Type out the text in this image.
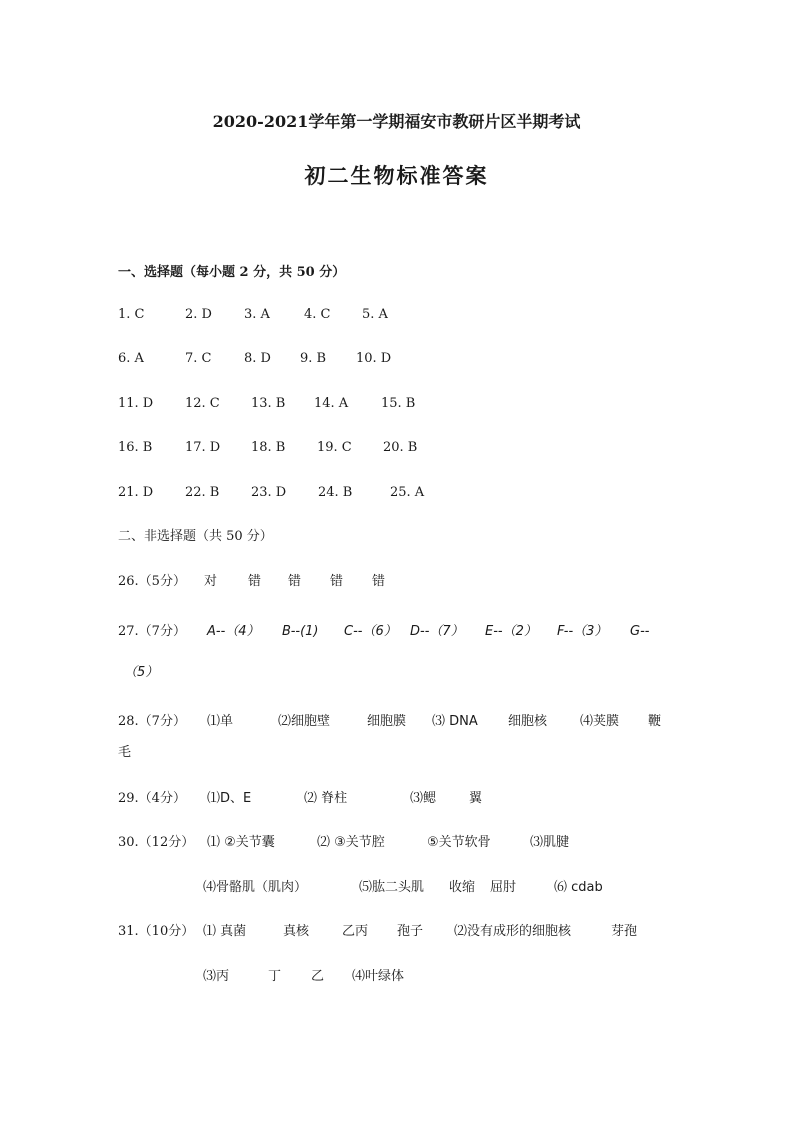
2020-2021学年第一学期福安市教研片区半期考试
初二生物标准答案
一、选择题（每小题 2 分，共 50 分）
1. C	2. D 3. A	4. C 5. A
6. A	7. C	8. D 9. B 10. D
11. D 12. C 13. B 14. A	15. B
16. B	17. D 18. B 19. C 20. B
21. D 22. B 23. D 24. B	25. A
二、非选择题（共 50 分）
26.（5分） 对 错 错 错 错
27.（7分） A--（4） B--(1) C--（6） D--（7） E--（2） F--（3） G--
（5）
28.（7分） ⑴单	⑵细胞壁	细胞膜 ⑶ DNA 细胞核	⑷荚膜 鞭
毛
29.（4分） ⑴D、E	⑵ 脊柱	⑶鳃	翼
30.（12分） ⑴ ②关节囊	⑵ ③关节腔	⑤关节软骨	⑶肌腱
⑷骨骼肌（肌肉）	⑸肱二头肌 收缩 屈肘	⑹ cdab
31.（10分） ⑴ 真菌	真核	乙丙 孢子 ⑵没有成形的细胞核	芽孢
⑶丙	丁 乙 ⑷叶绿体
